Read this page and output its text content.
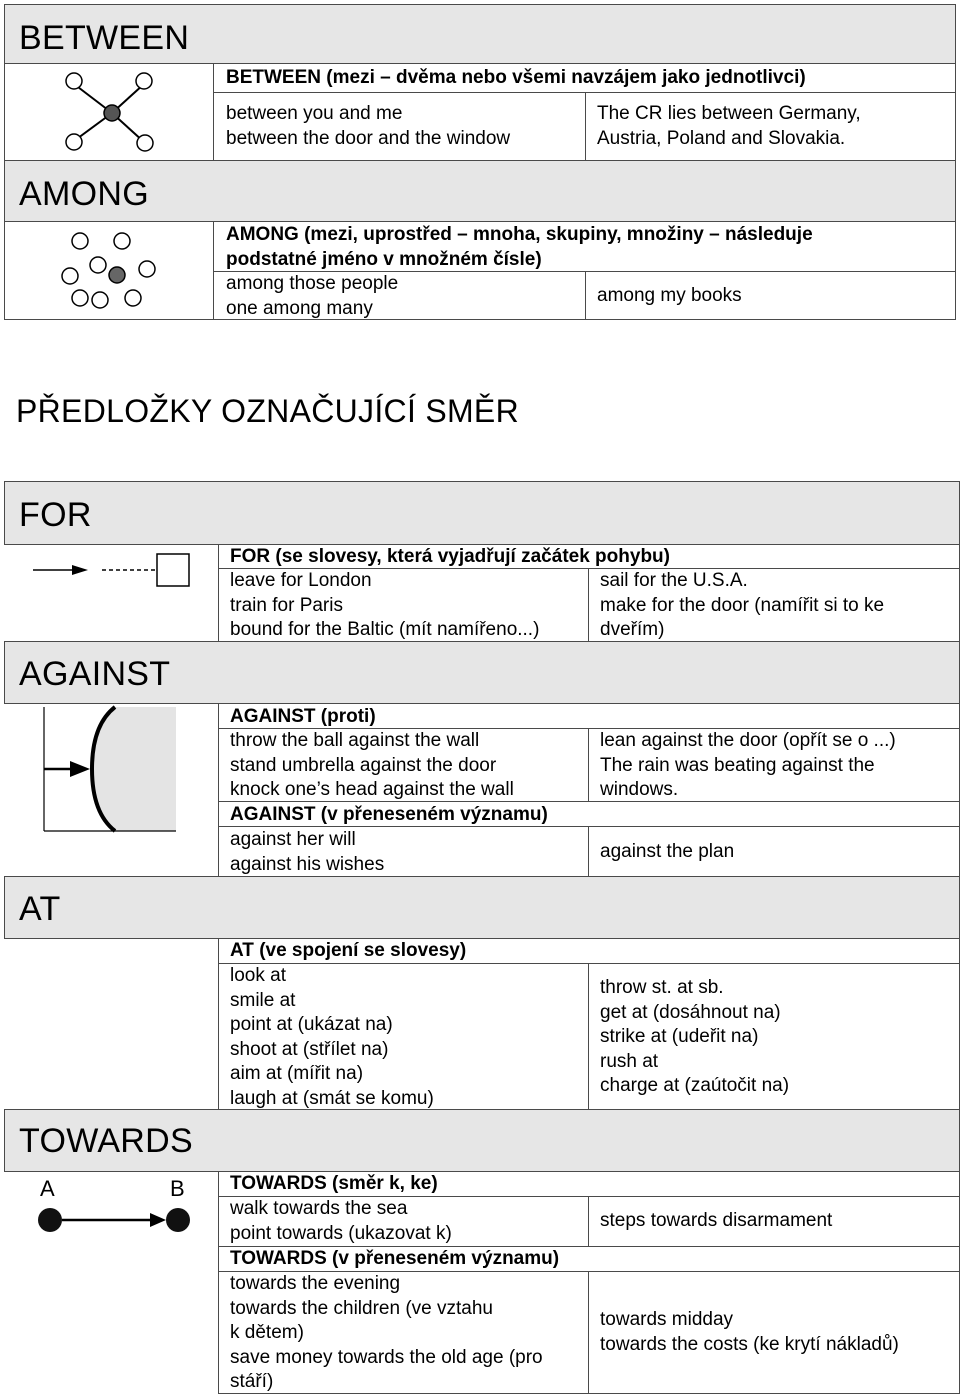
BETWEEN
BETWEEN (mezi – dvěma nebo všemi navzájem jako jednotlivci)
between you and me
between the door and the window
The CR lies between Germany,
Austria, Poland and Slovakia.
AMONG
AMONG (mezi, uprostřed – mnoha, skupiny, množiny – následuje
podstatné jméno v množném čísle)
among those people
one among many
among my books
PŘEDLOŽKY OZNAČUJÍCÍ SMĚR
FOR
FOR (se slovesy, která vyjadřují začátek pohybu)
leave for London
train for Paris
bound for the Baltic (mít namířeno...)
sail for the U.S.A.
make for the door (namířit si to ke
dveřím)
AGAINST
AGAINST (proti)
throw the ball against the wall
stand umbrella against the door
knock one’s head against the wall
lean against the door (opřít se o ...)
The rain was beating against the
windows.
AGAINST (v přeneseném významu)
against her will
against his wishes
against the plan
AT
AT (ve spojení se slovesy)
look at
smile at
point at (ukázat na)
shoot at (střílet na)
aim at (mířit na)
laugh at (smát se komu)
throw st. at sb.
get at (dosáhnout na)
strike at (udeřit na)
rush at
charge at (zaútočit na)
TOWARDS
A	B TOWARDS (směr k, ke)
walk towards the sea
point towards (ukazovat k)
steps towards disarmament
TOWARDS (v přeneseném významu)
towards the evening
towards the children (ve vztahu
k dětem)
save money towards the old age (pro
stáří)
towards midday
towards the costs (ke krytí nákladů)
